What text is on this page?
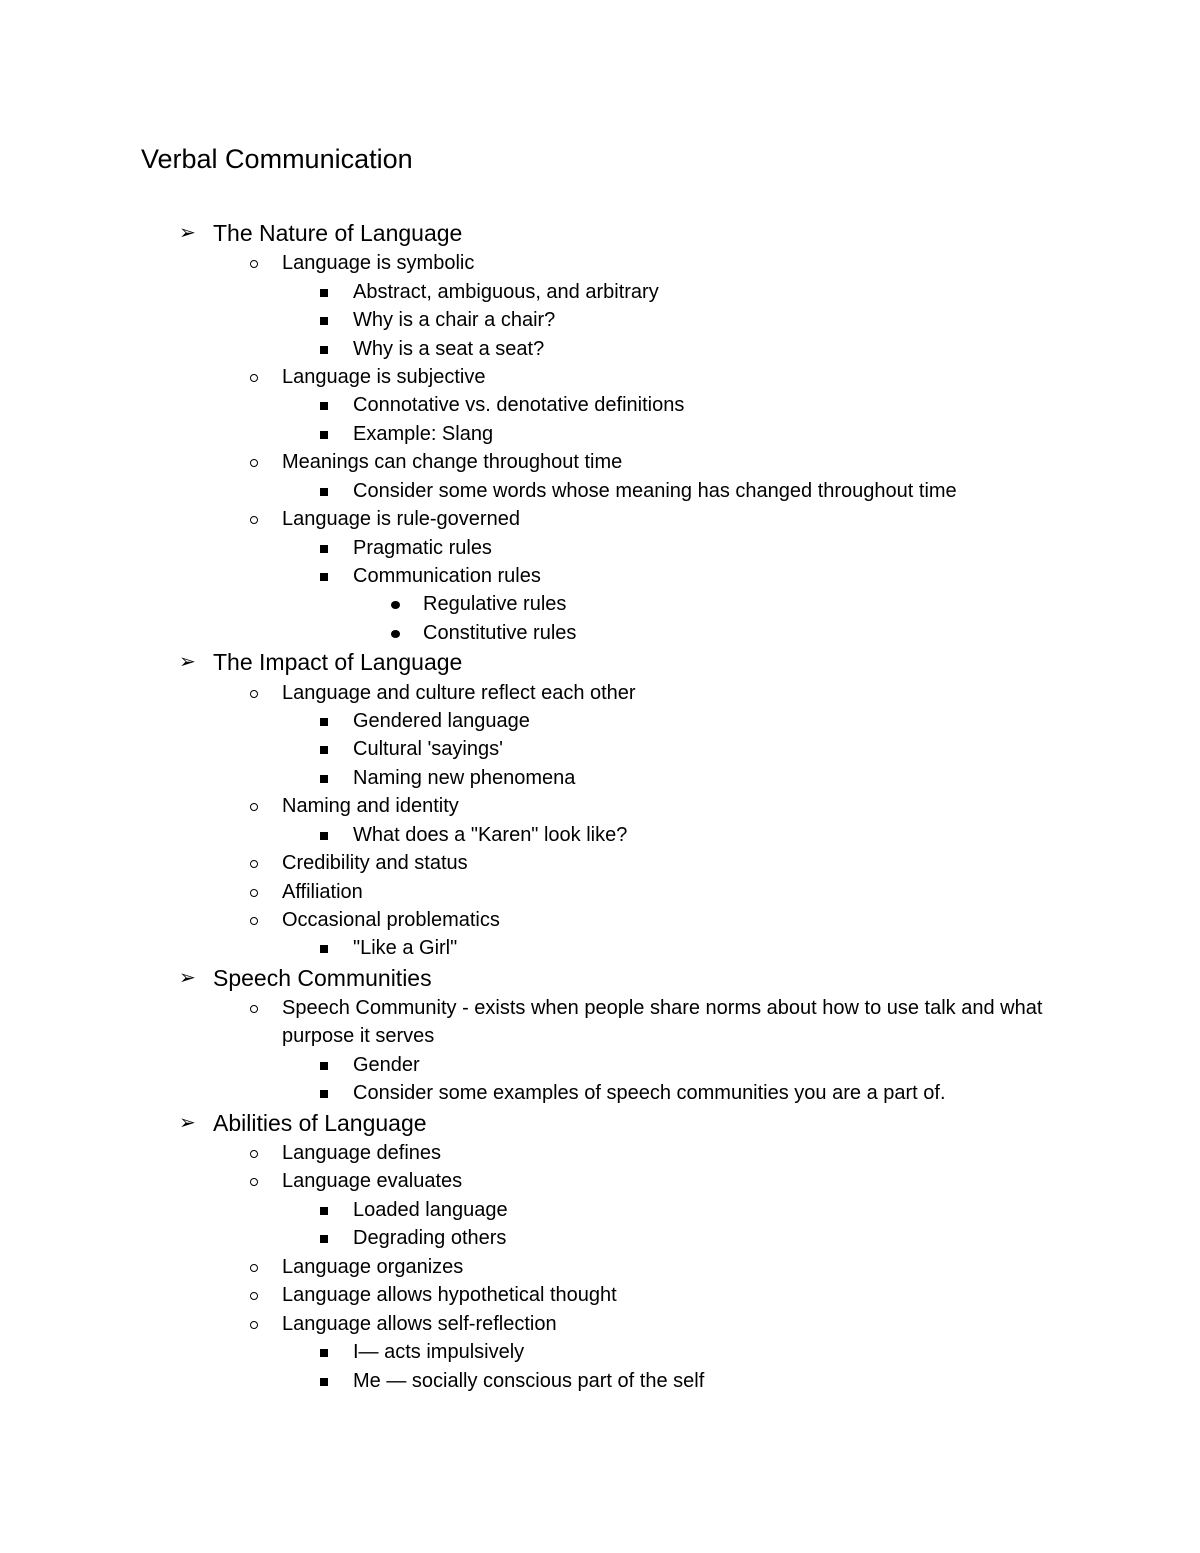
Verbal Communication
➢ The Nature of Language
Language is symbolic
Abstract, ambiguous, and arbitrary
Why is a chair a chair?
Why is a seat a seat?
Language is subjective
Connotative vs. denotative definitions
Example: Slang
Meanings can change throughout time
Consider some words whose meaning has changed throughout time
Language is rule-governed
Pragmatic rules
Communication rules
Regulative rules
Constitutive rules
➢ The Impact of Language
Language and culture reflect each other
Gendered language
Cultural 'sayings'
Naming new phenomena
Naming and identity
What does a "Karen" look like?
Credibility and status
Affiliation
Occasional problematics
"Like a Girl"
➢ Speech Communities
Speech Community - exists when people share norms about how to use talk and what purpose it serves
Gender
Consider some examples of speech communities you are a part of.
➢ Abilities of Language
Language defines
Language evaluates
Loaded language
Degrading others
Language organizes
Language allows hypothetical thought
Language allows self-reflection
I— acts impulsively
Me — socially conscious part of the self
